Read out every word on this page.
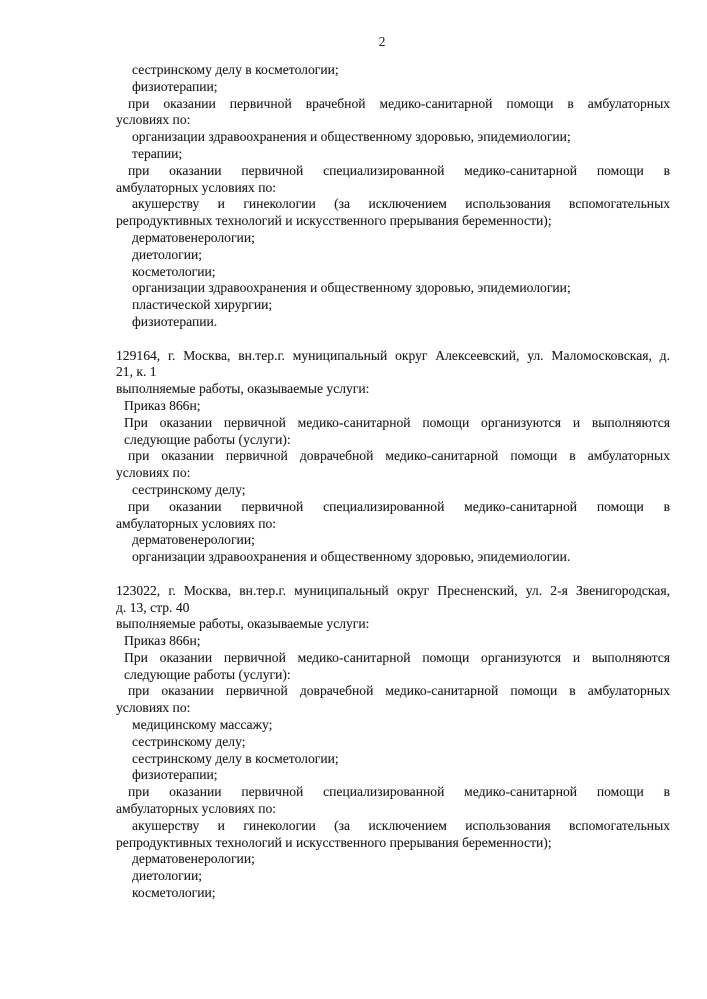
2
сестринскому делу в косметологии;
физиотерапии;
при оказании первичной врачебной медико-санитарной помощи в амбулаторных
условиях по:
организации здравоохранения и общественному здоровью, эпидемиологии;
терапии;
при оказании первичной специализированной медико-санитарной помощи в
амбулаторных условиях по:
акушерству и гинекологии (за исключением использования вспомогательных
репродуктивных технологий и искусственного прерывания беременности);
дерматовенерологии;
диетологии;
косметологии;
организации здравоохранения и общественному здоровью, эпидемиологии;
пластической хирургии;
физиотерапии.
129164, г. Москва, вн.тер.г. муниципальный округ Алексеевский, ул. Маломосковская, д.
21, к. 1
выполняемые работы, оказываемые услуги:
Приказ 866н;
При оказании первичной медико-санитарной помощи организуются и выполняются
следующие работы (услуги):
при оказании первичной доврачебной медико-санитарной помощи в амбулаторных
условиях по:
сестринскому делу;
при оказании первичной специализированной медико-санитарной помощи в
амбулаторных условиях по:
дерматовенерологии;
организации здравоохранения и общественному здоровью, эпидемиологии.
123022, г. Москва, вн.тер.г. муниципальный округ Пресненский, ул. 2-я Звенигородская,
д. 13, стр. 40
выполняемые работы, оказываемые услуги:
Приказ 866н;
При оказании первичной медико-санитарной помощи организуются и выполняются
следующие работы (услуги):
при оказании первичной доврачебной медико-санитарной помощи в амбулаторных
условиях по:
медицинскому массажу;
сестринскому делу;
сестринскому делу в косметологии;
физиотерапии;
при оказании первичной специализированной медико-санитарной помощи в
амбулаторных условиях по:
акушерству и гинекологии (за исключением использования вспомогательных
репродуктивных технологий и искусственного прерывания беременности);
дерматовенерологии;
диетологии;
косметологии;
